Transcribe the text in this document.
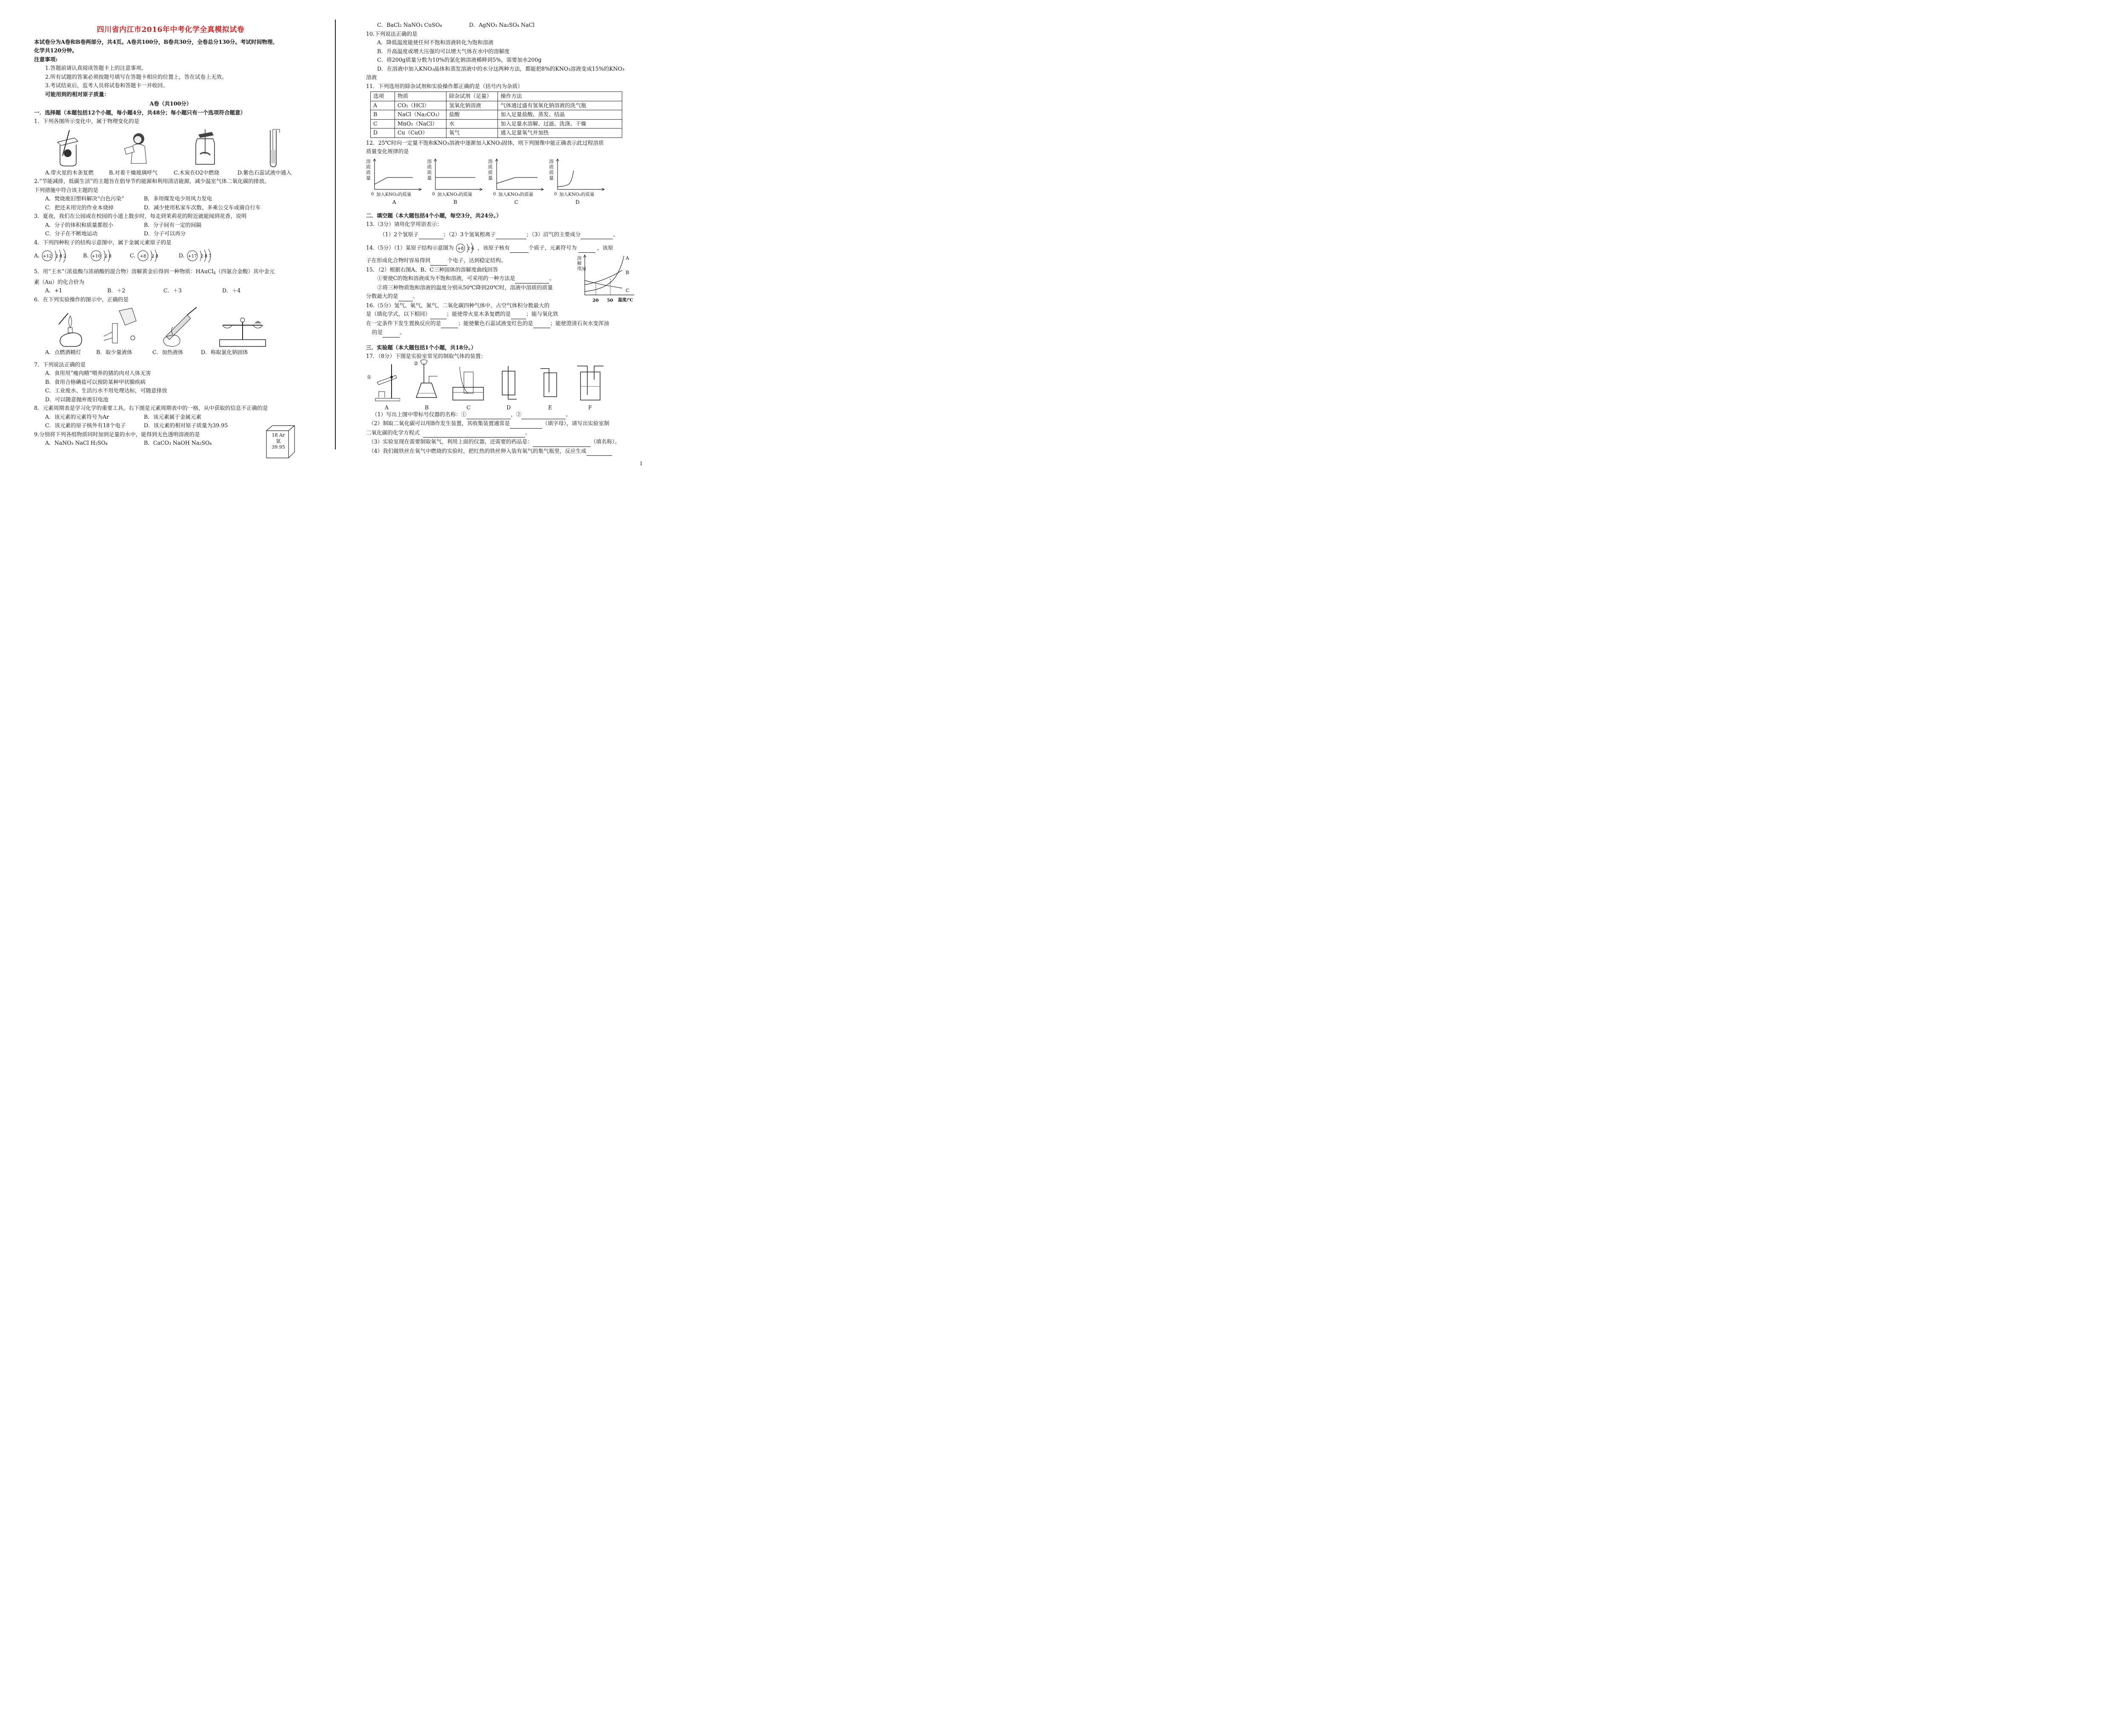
四川省内江市2016年中考化学全真模拟试卷

本试卷分为A卷和B卷两部分，共4页。A卷共100分，B卷共30分，全卷总分130分。考试时间物理、

化学共120分钟。

注意事项:

1.答题前请认真阅读答题卡上的注意事项。

2.所有试题的答案必须按题号填写在答题卡相应的位置上，答在试卷上无效。

3.考试结束后，监考人员将试卷和答题卡一并收回。

可能用到的相对原子质量：

A卷（共100分）

一．选择题（本题包括12个小题，每小题4分，共48分；每小题只有一个选项符合题意）

1．下列各图所示变化中，属于物理变化的是

A.带火星的木条复燃	B.对着干燥玻璃呼气	C.木炭在O2中燃烧	D.紫色石蕊试液中通入

2.“节能减排，低碳生活”的主题旨在倡导节约能源和利用清洁能源，减少温室气体二氧化碳的排放。

下列措施中符合该主题的是

A．焚烧废旧塑料解决“白色污染”	B．多用煤发电少用风力发电
C．把还未用完的作业本烧掉	D．减少使用私家车次数、多乘公交车或骑自行车

3．夏夜，我们在公园或在校园的小道上散步时，每走到茉莉花的附近就能闻到花香，说明

A．分子的体积和质量都很小	B．分子间有一定的间隔
C．分子在不断地运动	D．分子可以再分

4．下列四种粒子的结构示意图中，属于金属元素原子的是

A. +12 2 8 2	B. +10 2 8	C. +8 2 8	D. +17 2 8 7

5．用“王水”（浓盐酸与浓硝酸的混合物）溶解黄金后得到一种物质：HAuCl$_4$（四氯合金酸）其中金元

素（Au）的化合价为

A．+1	B．＋2	C．＋3	D．＋4

6．在下列实验操作的图示中，正确的是

A．点燃酒精灯	B．取少量液体	C．加热液体	D．称取氯化钠固体

7．下列说法正确的是

A．食用用“瘦肉精”喂养的猪的肉对人体无害

B．食用合格碘盐可以预防某种甲状腺疾病

C．工业废水、生活污水不用处理达标，可随意排放

D．可以随意抛弃废旧电池

8．元素周期表是学习化学的重要工具。右下图是元素周期表中的一格，从中获取的信息不正确的是

A．该元素的元素符号为Ar	B．该元素属于金属元素
C．该元素的原子核外有18个电子	D．该元素的相对原子质量为39.95

9.分别将下列各组物质同时加到足量的水中，能得到无色透明溶液的是

A．NaNO₃ NaCl H₂SO₄	B．CaCO₃ NaOH Na₂SO₄
18 Ar
氩
39.95
C．BaCl₂ NaNO₃ CuSO₄	D．AgNO₃ Na₂SO₄ NaCl

10.下列说法正确的是

A．降低温度能使任何不饱和溶液转化为饱和溶液

B．升高温度或增大压强均可以增大气体在水中的溶解度

C．将200g质量分数为10%的氯化钠溶液稀释到5%，需要加水200g

D．在溶液中加入KNO₃晶体和蒸发溶液中的水分这两种方法，都能把8%的KNO₃溶液变成15%的KNO₃

溶液

11．下列选用的除杂试剂和实验操作都正确的是（括号内为杂质）

选项	物质	除杂试剂（足量）	操作方法
A	CO₂（HCl）	氢氧化钠溶液	气体通过盛有氢氧化钠溶液的洗气瓶
B	NaCl（Na₂CO₃）	盐酸	加入足量盐酸、蒸发、结晶
C	MnO₂（NaCl）	水	加入足量水溶解、过滤、洗涤、干燥
D	Cu（CuO）	氧气	通入足量氧气并加热

12．25℃时向一定量不饱和KNO₃溶液中逐渐加入KNO₃固体，则下列图像中能正确表示此过程溶质

质量变化规律的是

溶质质量
0 加入KNO₃的质量
A
溶质质量
0 加入KNO₃的质量
B
溶质质量
0 加入KNO₃的质量
C
溶质质量
0 加入KNO₃的质量
D

二．填空题（本大题包括4个小题，每空3分，共24分。）

13.（3分）请用化学用语表示：

（1）2个氢原子	；（2）3个氢氧根离子	；（3）沼气的主要成分	。

14.（5分）（1）某原子结构示意图为 +8 2 6 ，该原子核有	个质子，元素符号为	，该原

子在形成化合物时容易得到	个电子，达到稳定结构。

15．（2）根据右图A、B、C三种固体的溶解度曲线回答

①要使C的饱和溶液成为不饱和溶液，可采用的一种方法是	。

②将三种物质饱和溶液的温度分别从50℃降到20℃时，溶液中溶质的质量

分数最大的是	。

16.（5分）氢气、氧气、氮气、二氧化碳四种气体中，占空气体积分数最大的

是（填化学式，以下相同）	；能使带火星木条复燃的是	；能与氧化铁

在一定条件下发生置换反应的是	；能使紫色石蕊试液变红色的是	；能使澄清石灰水变浑浊

的是	。

三．实验题（本大题包括1个小题，共18分。）

17．（8分）下图是实验室常见的制取气体的装置：

①
②
A	B	C	D	E	F

（1）写出上图中带标号仪器的名称：①	，②	。

（2）制取二氧化碳可以用B作发生装置，其收集装置通常是	（填字母），请写出实验室制

二氧化碳的化学方程式	。

（3）实验室现在需要制取氧气，利用上面的仪器，还需要的药品是：	（填名称）。

（4）我们做铁丝在氧气中燃烧的实验时，把红热的铁丝伸入装有氧气的集气瓶里，反应生成

溶解度/g
A
B
C
20 50 温度/℃
1
